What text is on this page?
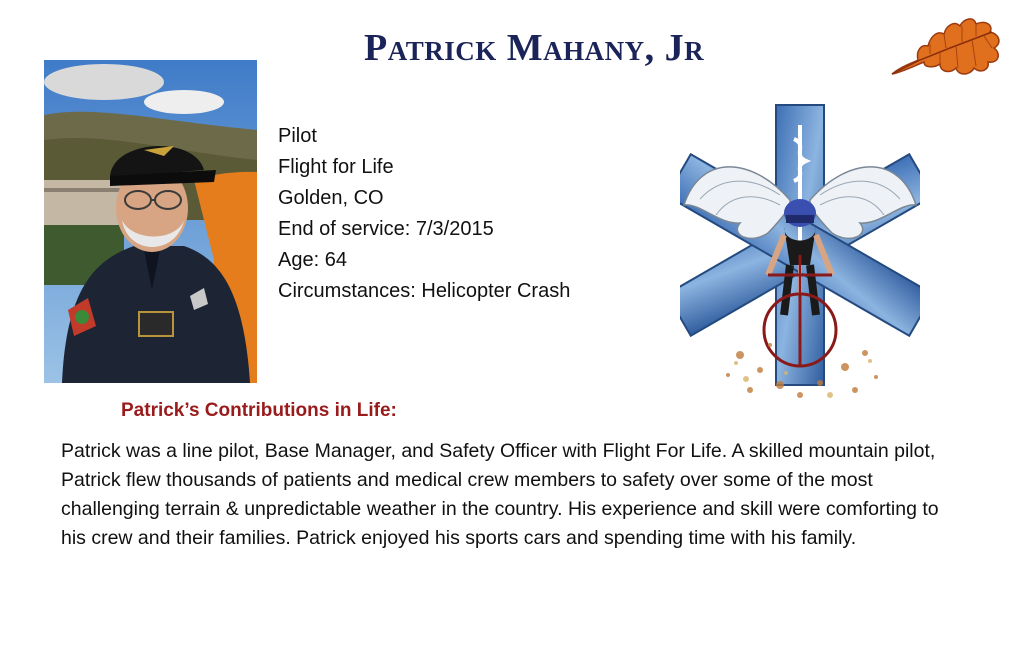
Patrick Mahany, Jr
Pilot
Flight for Life
Golden, CO
End of service: 7/3/2015
Age: 64
Circumstances: Helicopter Crash
Patrick’s Contributions in Life:

Patrick was a line pilot, Base Manager, and Safety Officer with Flight For Life. A skilled mountain pilot, Patrick flew thousands of patients and medical crew members to safety over some of the most challenging terrain & unpredictable weather in the country. His experience and skill were comforting to his crew and their families. Patrick enjoyed his sports cars and spending time with his family.
